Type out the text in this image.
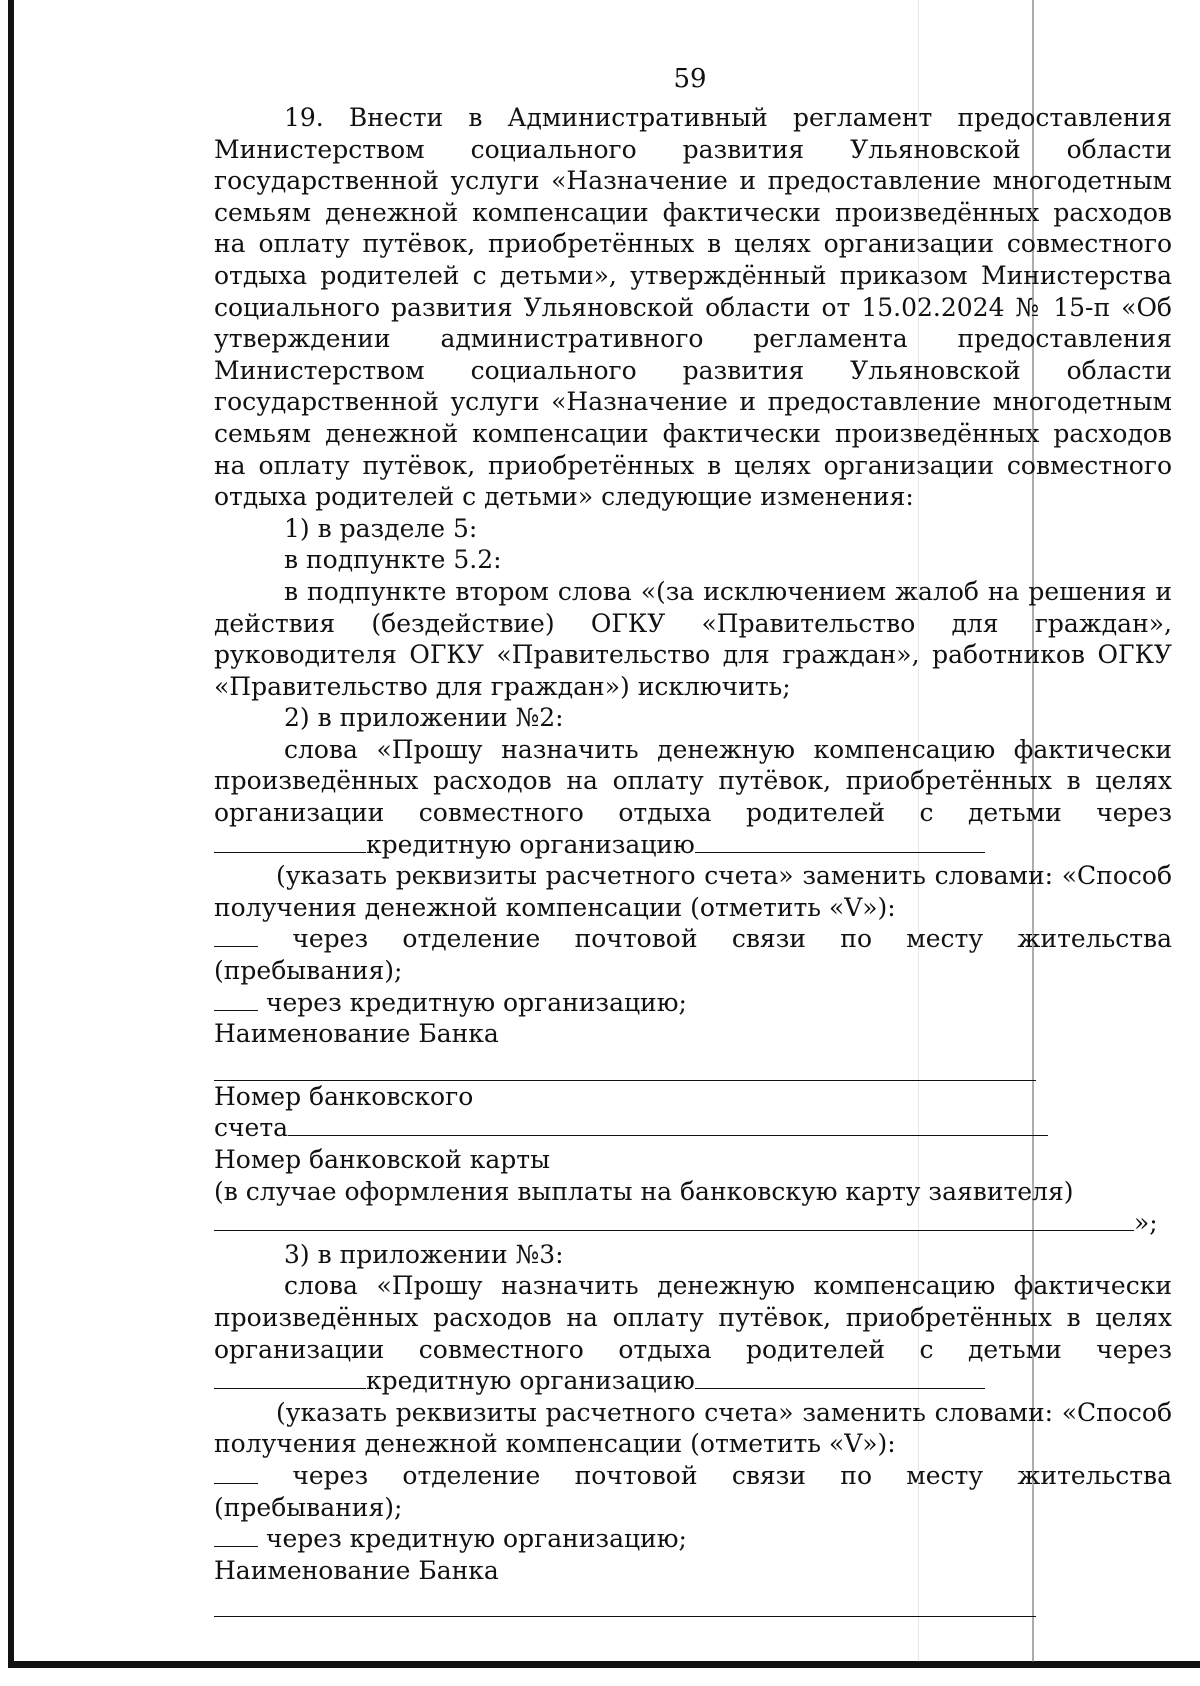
59

19. Внести в Административный регламент предоставления Министерством социального развития Ульяновской области государственной услуги «Назначение и предоставление многодетным семьям денежной компенсации фактически произведённых расходов на оплату путёвок, приобретённых в целях организации совместного отдыха родителей с детьми», утверждённый приказом Министерства социального развития Ульяновской области от 15.02.2024 № 15-п «Об утверждении административного регламента предоставления Министерством социального развития Ульяновской области государственной услуги «Назначение и предоставление многодетным семьям денежной компенсации фактически произведённых расходов на оплату путёвок, приобретённых в целях организации совместного отдыха родителей с детьми» следующие изменения:

1) в разделе 5:

в подпункте 5.2:

в подпункте втором слова «(за исключением жалоб на решения и действия (бездействие) ОГКУ «Правительство для граждан», руководителя ОГКУ «Правительство для граждан», работников ОГКУ «Правительство для граждан») исключить;

2) в приложении №2:

слова «Прошу назначить денежную компенсацию фактически произведённых расходов на оплату путёвок, приобретённых в целях организации совместного отдыха родителей с детьми через

кредитную организацию

(указать реквизиты расчетного счета» заменить словами: «Способ получения денежной компенсации (отметить «V»):

через отделение почтовой связи по месту жительства (пребывания);
через кредитную организацию;
Наименование Банка
Номер банковского
счета
Номер банковской карты
(в случае оформления выплаты на банковскую карту заявителя)
»;

3) в приложении №3:

слова «Прошу назначить денежную компенсацию фактически произведённых расходов на оплату путёвок, приобретённых в целях организации совместного отдыха родителей с детьми через

кредитную организацию

(указать реквизиты расчетного счета» заменить словами: «Способ получения денежной компенсации (отметить «V»):

через отделение почтовой связи по месту жительства (пребывания);
через кредитную организацию;
Наименование Банка
